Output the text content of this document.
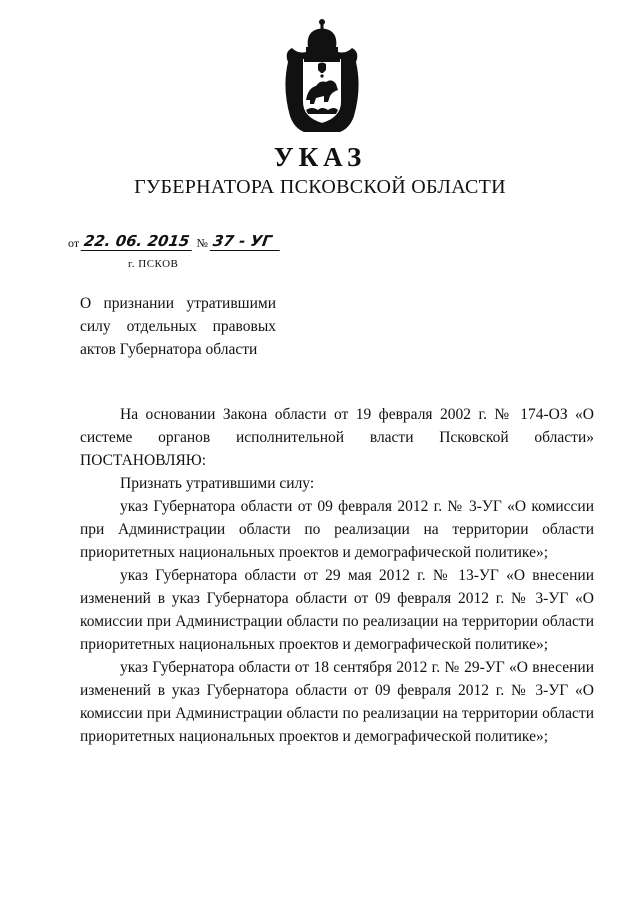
УКАЗ
ГУБЕРНАТОРА ПСКОВСКОЙ ОБЛАСТИ
от 22. 06. 2015 № 37 - УГ
г. ПСКОВ
О признании утратившими
силу отдельных правовых
актов Губернатора области

На основании Закона области от 19 февраля 2002 г. № 174-ОЗ «О системе органов исполнительной власти Псковской области» ПОСТАНОВЛЯЮ:

Признать утратившими силу:

указ Губернатора области от 09 февраля 2012 г. № 3-УГ «О комиссии при Администрации области по реализации на территории области приоритетных национальных проектов и демографической политике»;

указ Губернатора области от 29 мая 2012 г. № 13-УГ «О внесении изменений в указ Губернатора области от 09 февраля 2012 г. № 3-УГ «О комиссии при Администрации области по реализации на территории области приоритетных национальных проектов и демографической политике»;

указ Губернатора области от 18 сентября 2012 г. № 29-УГ «О внесении изменений в указ Губернатора области от 09 февраля 2012 г. № 3-УГ «О комиссии при Администрации области по реализации на территории области приоритетных национальных проектов и демографической политике»;
